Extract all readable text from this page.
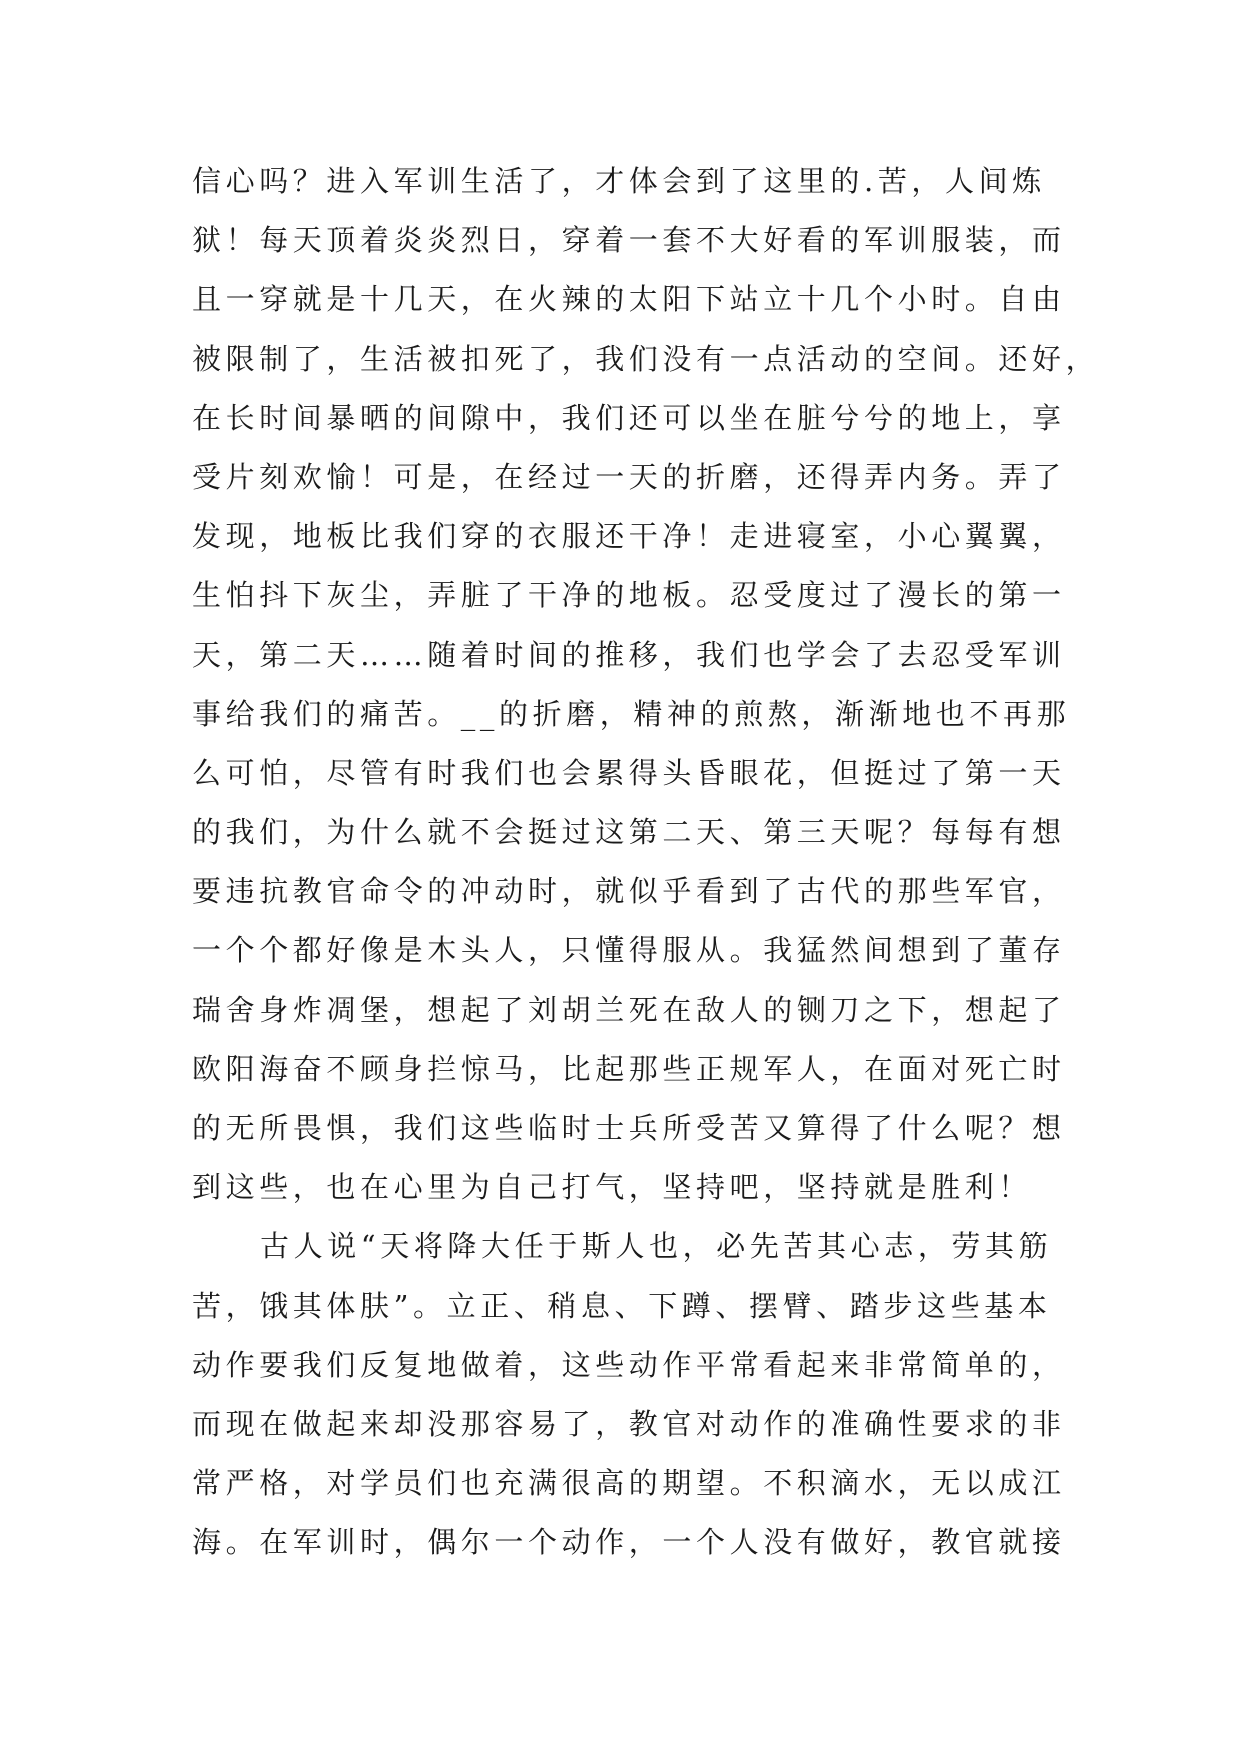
信心吗？进入军训生活了，才体会到了这里的.苦，人间炼
狱！每天顶着炎炎烈日，穿着一套不大好看的军训服装，而
且一穿就是十几天，在火辣的太阳下站立十几个小时。自由
被限制了，生活被扣死了，我们没有一点活动的空间。还好，
在长时间暴晒的间隙中，我们还可以坐在脏兮兮的地上，享
受片刻欢愉！可是，在经过一天的折磨，还得弄内务。弄了
发现，地板比我们穿的衣服还干净！走进寝室，小心翼翼，
生怕抖下灰尘，弄脏了干净的地板。忍受度过了漫长的第一
天，第二天……随着时间的推移，我们也学会了去忍受军训
事给我们的痛苦。__的折磨，精神的煎熬，渐渐地也不再那
么可怕，尽管有时我们也会累得头昏眼花，但挺过了第一天
的我们，为什么就不会挺过这第二天、第三天呢？每每有想
要违抗教官命令的冲动时，就似乎看到了古代的那些军官，
一个个都好像是木头人，只懂得服从。我猛然间想到了董存
瑞舍身炸凋堡，想起了刘胡兰死在敌人的铡刀之下，想起了
欧阳海奋不顾身拦惊马，比起那些正规军人，在面对死亡时
的无所畏惧，我们这些临时士兵所受苦又算得了什么呢？想
到这些，也在心里为自己打气，坚持吧，坚持就是胜利！
古人说“天将降大任于斯人也，必先苦其心志，劳其筋
苦，饿其体肤”。立正、稍息、下蹲、摆臂、踏步这些基本
动作要我们反复地做着，这些动作平常看起来非常简单的，
而现在做起来却没那容易了，教官对动作的准确性要求的非
常严格，对学员们也充满很高的期望。不积滴水，无以成江
海。在军训时，偶尔一个动作，一个人没有做好，教官就接
